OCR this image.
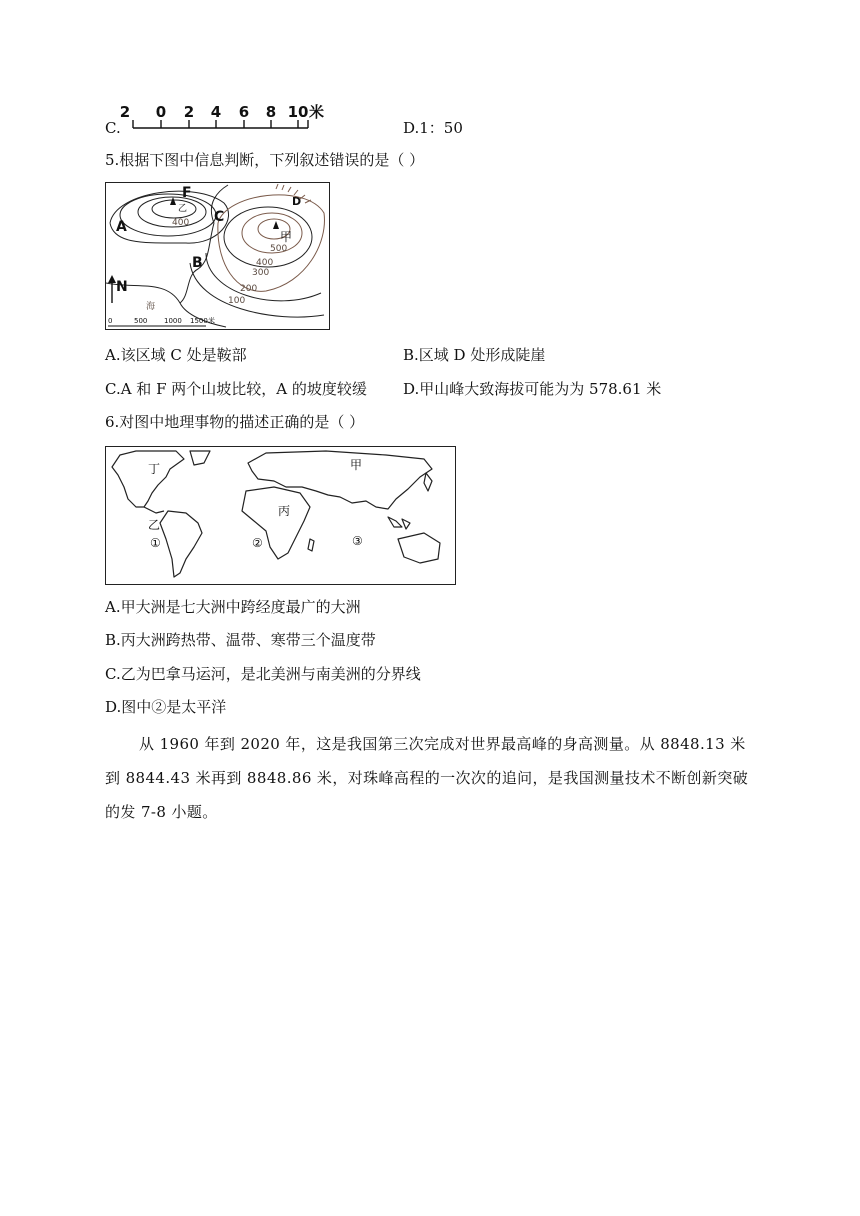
C.
2 0 2 4 6 8 10 米
D.1：50
5.根据下图中信息判断，下列叙述错误的是（ ）
A
F
C
B
N
D
乙
甲
400
500
400
300
200
100
海
0	500 1000 1500 米
A.该区域 C 处是鞍部	B.区域 D 处形成陡崖
C.A 和 F 两个山坡比较，A 的坡度较缓 D.甲山峰大致海拔可能为为 578.61 米
6.对图中地理事物的描述正确的是（ ）
丁	甲
丙
乙
①	②	③
A.甲大洲是七大洲中跨经度最广的大洲
B.丙大洲跨热带、温带、寒带三个温度带
C.乙为巴拿马运河，是北美洲与南美洲的分界线
D.图中②是太平洋
从 1960 年到 2020 年，这是我国第三次完成对世界最高峰的身高测量。从 8848.13 米到 8844.43 米再到 8848.86 米，对珠峰高程的一次次的追问，是我国测量技术不断创新突破的发 7-8 小题。
